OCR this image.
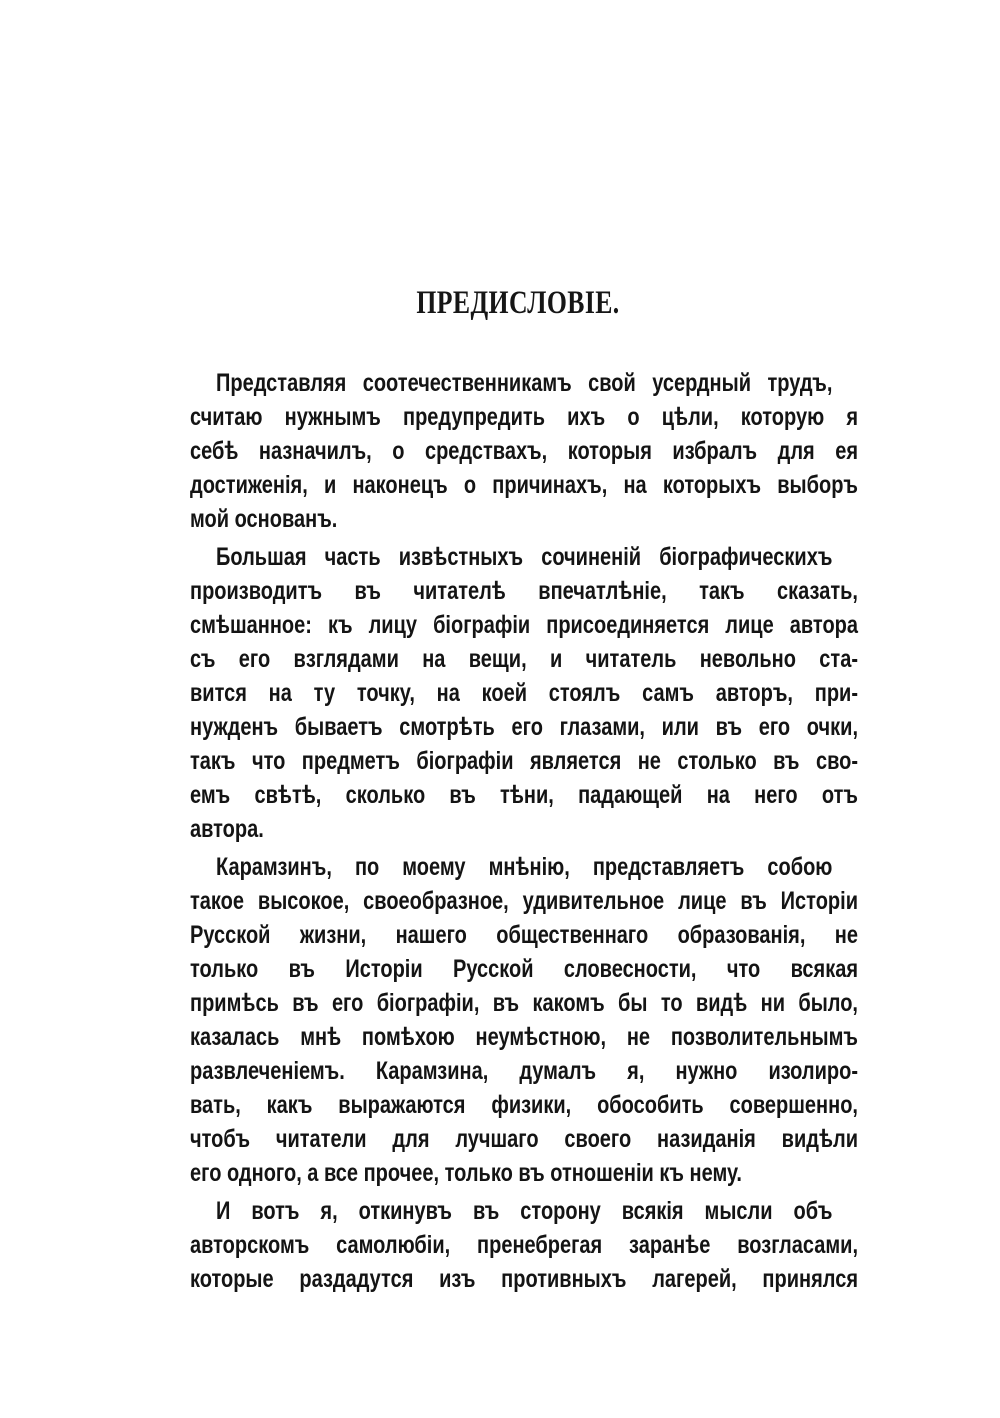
ПРЕДИСЛОВІЕ.
Представляя соотечественникамъ свой усердный трудъ,
считаю нужнымъ предупредить ихъ о цѣли, которую я
себѣ назначилъ, о средствахъ, которыя избралъ для ея
достиженія, и наконецъ о причинахъ, на которыхъ выборъ
мой основанъ.
Большая часть извѣстныхъ сочиненій біографическихъ
производитъ въ читателѣ впечатлѣніе, такъ сказать,
смѣшанное: къ лицу біографіи присоединяется лице автора
съ его взглядами на вещи, и читатель невольно ста-
вится на ту точку, на коей стоялъ самъ авторъ, при-
нужденъ бываетъ смотрѣть его глазами, или въ его очки,
такъ что предметъ біографіи является не столько въ сво-
емъ свѣтѣ, сколько въ тѣни, падающей на него отъ
автора.
Карамзинъ, по моему мнѣнію, представляетъ собою
такое высокое, своеобразное, удивительное лице въ Исторіи
Русской жизни, нашего общественнаго образованія, не
только въ Исторіи Русской словесности, что всякая
примѣсь въ его біографіи, въ какомъ бы то видѣ ни было,
казалась мнѣ помѣхою неумѣстною, не позволительнымъ
развлеченіемъ. Карамзина, думалъ я, нужно изолиро-
вать, какъ выражаются физики, обособить совершенно,
чтобъ читатели для лучшаго своего назиданія видѣли
его одного, а все прочее, только въ отношеніи къ нему.
И вотъ я, откинувъ въ сторону всякія мысли объ
авторскомъ самолюбіи, пренебрегая заранѣе возгласами,
которые раздадутся изъ противныхъ лагерей, принялся
